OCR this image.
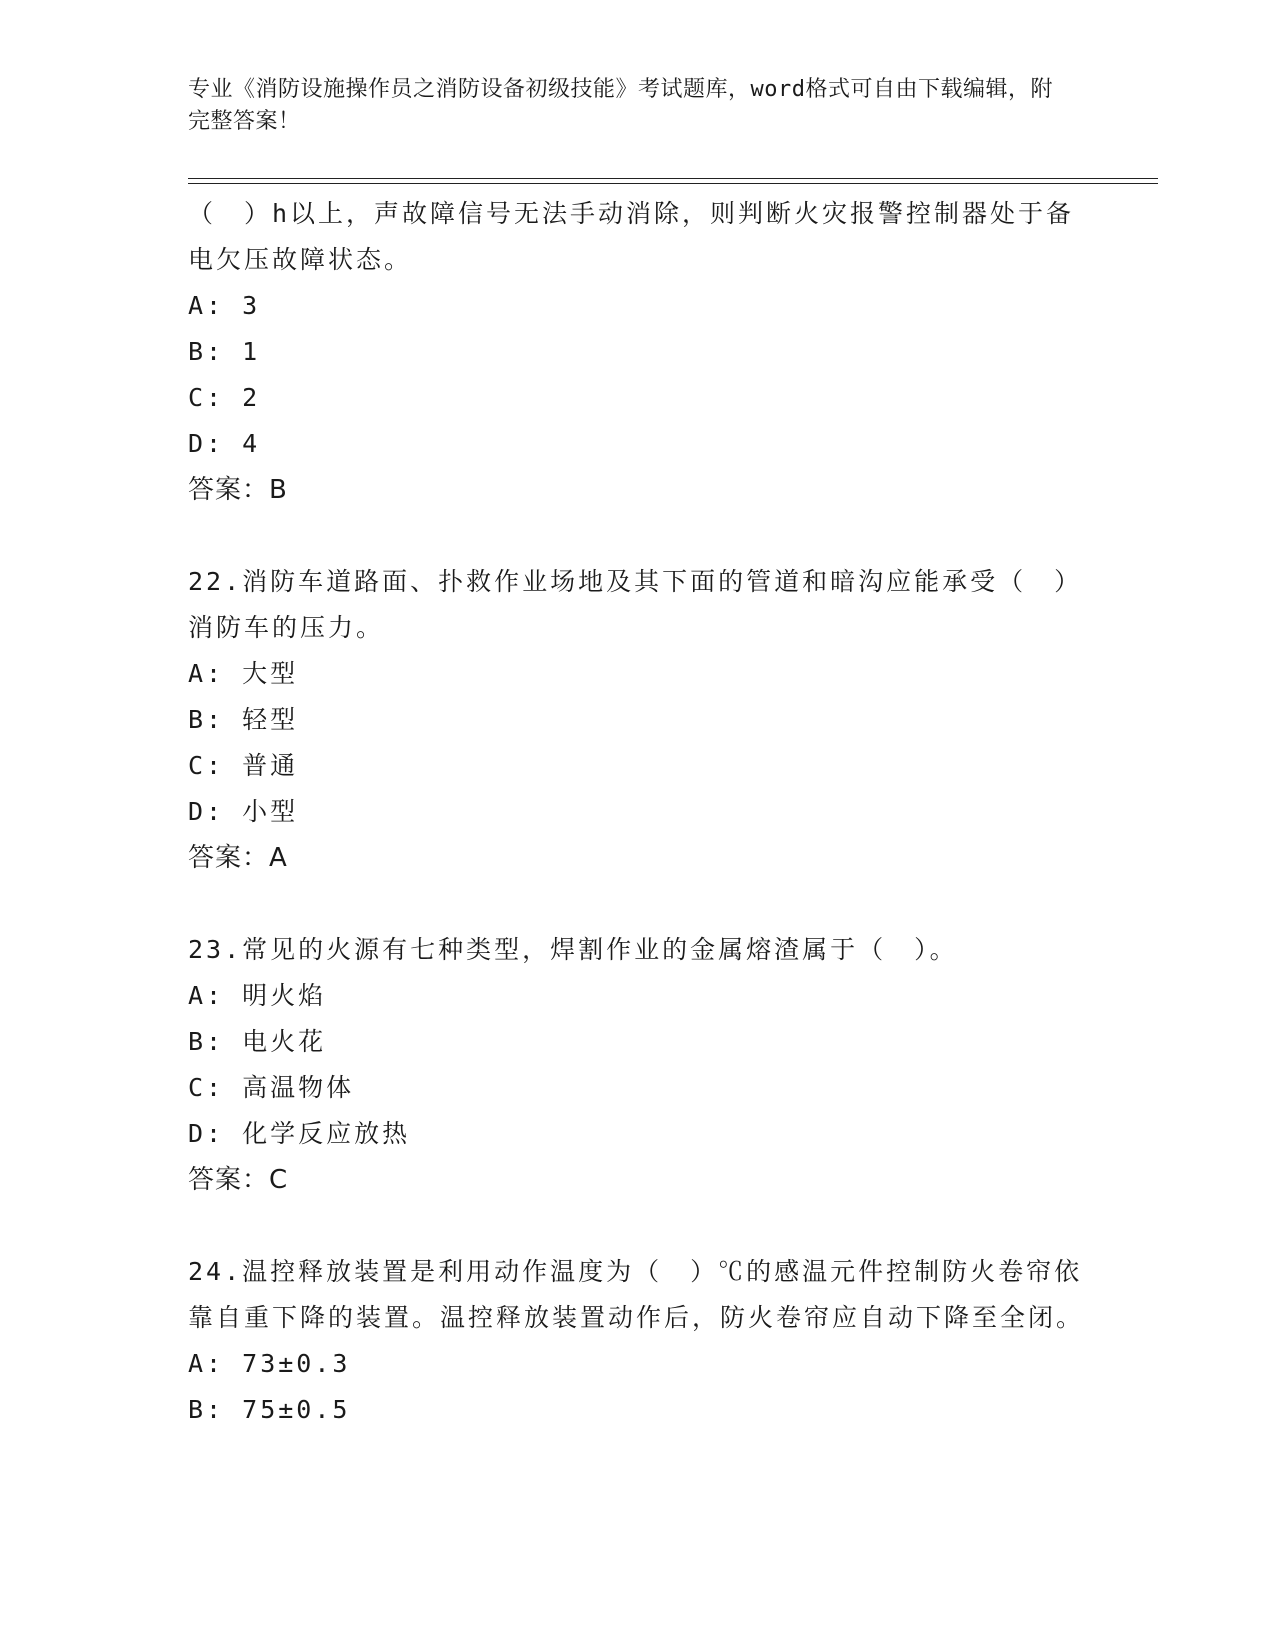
专业《消防设施操作员之消防设备初级技能》考试题库，word格式可自由下载编辑，附完整答案！

（　）h以上，声故障信号无法手动消除，则判断火灾报警控制器处于备电欠压故障状态。

A: 3

B: 1

C: 2

D: 4

答案：B

22.消防车道路面、扑救作业场地及其下面的管道和暗沟应能承受（　）消防车的压力。

A: 大型

B: 轻型

C: 普通

D: 小型

答案：A

23.常见的火源有七种类型，焊割作业的金属熔渣属于（　）。

A: 明火焰

B: 电火花

C: 高温物体

D: 化学反应放热

答案：C

24.温控释放装置是利用动作温度为（　）℃的感温元件控制防火卷帘依靠自重下降的装置。温控释放装置动作后，防火卷帘应自动下降至全闭。

A: 73±0.3

B: 75±0.5
